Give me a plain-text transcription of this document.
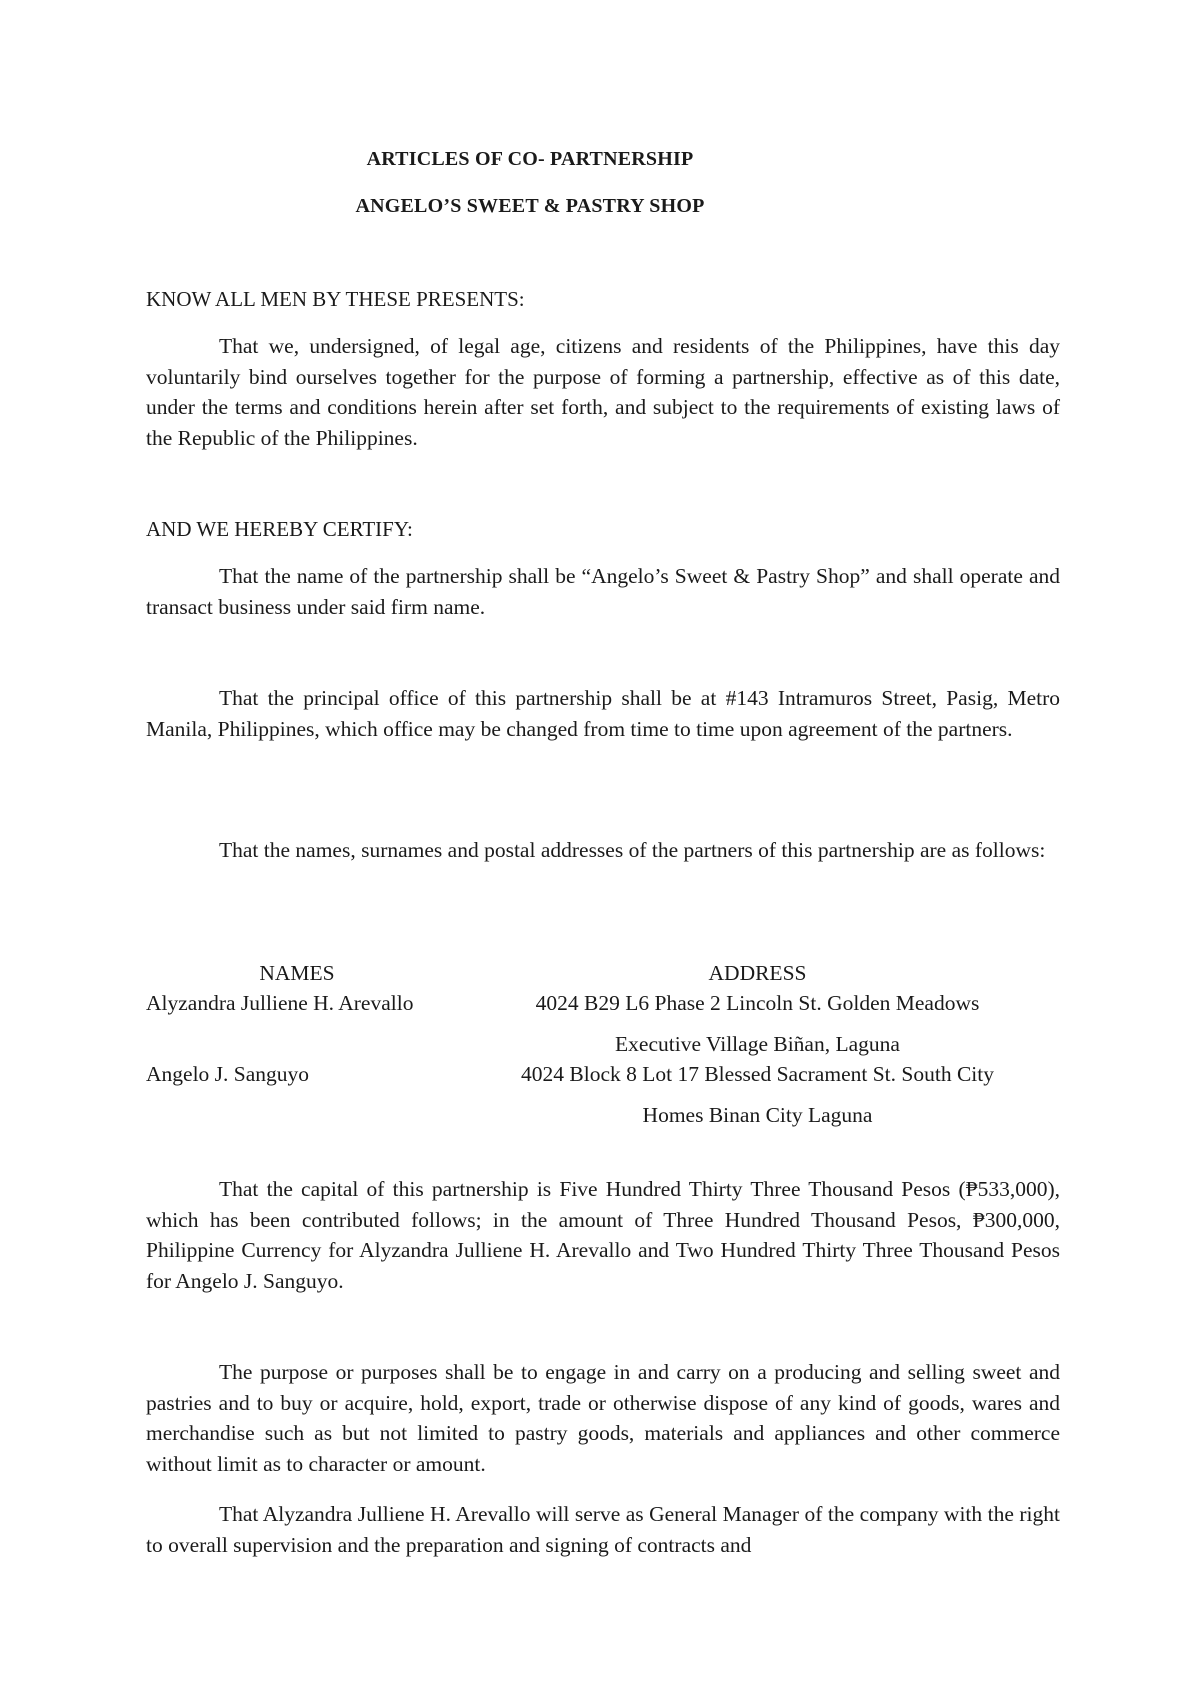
ARTICLES OF CO- PARTNERSHIP
ANGELO’S SWEET & PASTRY SHOP
KNOW ALL MEN BY THESE PRESENTS:

That we, undersigned, of legal age, citizens and residents of the Philippines, have this day voluntarily bind ourselves together for the purpose of forming a partnership, effective as of this date, under the terms and conditions herein after set forth, and subject to the requirements of existing laws of the Republic of the Philippines.

AND WE HEREBY CERTIFY:

That the name of the partnership shall be “Angelo’s Sweet & Pastry Shop” and shall operate and transact business under said firm name.

That the principal office of this partnership shall be at #143 Intramuros Street, Pasig, Metro Manila, Philippines, which office may be changed from time to time upon agreement of the partners.

That the names, surnames and postal addresses of the partners of this partnership are as follows:

NAMES	ADDRESS
Alyzandra Julliene H. Arevallo	4024 B29 L6 Phase 2 Lincoln St. Golden Meadows
Executive Village Biñan, Laguna
Angelo J. Sanguyo	4024 Block 8 Lot 17 Blessed Sacrament St. South City
Homes Binan City Laguna

That the capital of this partnership is Five Hundred Thirty Three Thousand Pesos (₱533,000), which has been contributed follows; in the amount of Three Hundred Thousand Pesos, ₱300,000, Philippine Currency for Alyzandra Julliene H. Arevallo and Two Hundred Thirty Three Thousand Pesos for Angelo J. Sanguyo.

The purpose or purposes shall be to engage in and carry on a producing and selling sweet and pastries and to buy or acquire, hold, export, trade or otherwise dispose of any kind of goods, wares and merchandise such as but not limited to pastry goods, materials and appliances and other commerce without limit as to character or amount.

That Alyzandra Julliene H. Arevallo will serve as General Manager of the company with the right to overall supervision and the preparation and signing of contracts and
